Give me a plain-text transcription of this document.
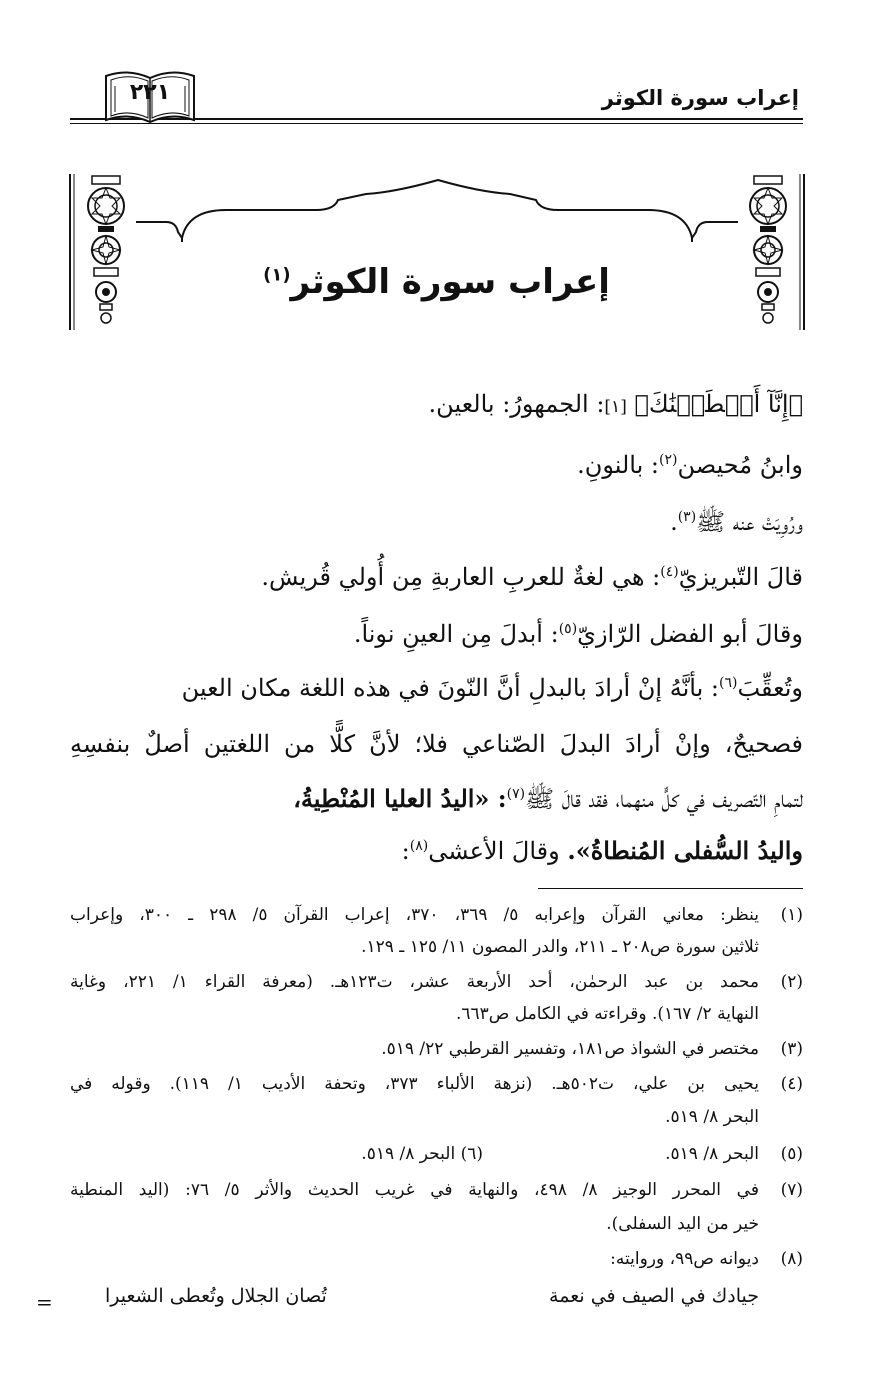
إعراب سورة الكوثر
٢٢١
إعراب سورة الكوثر$^{(١)}$
﴿إِنَّآ أَعۡطَيۡنَٰكَ﴾ [١]: الجمهورُ: بالعين.
وابنُ مُحيصن$^{(٢)}$: بالنونِ.
ورُوِيَتْ عنه ﷺ$^{(٣)}$.
قالَ التّبريزيّ$^{(٤)}$: هي لغةٌ للعربِ العاربةِ مِن أُولي قُريش.
وقالَ أبو الفضل الرّازيّ$^{(٥)}$: أبدلَ مِن العينِ نوناً.
وتُعقِّبَ$^{(٦)}$: بأنَّهُ إنْ أرادَ بالبدلِ أنَّ النّونَ في هذه اللغة مكان العين
فصحيحٌ، وإنْ أرادَ البدلَ الصّناعي فلا؛ لأنَّ كلًّا من اللغتين أصلٌ بنفسِهِ
لتمامِ التّصريف في كلٍّ منهما، فقد قالَ ﷺ$^{(٧)}$: «اليدُ العليا المُنْطِيةُ،
واليدُ السُّفلى المُنطاةُ». وقالَ الأعشى$^{(٨)}$:
(١)
ينظر: معاني القرآن وإعرابه ٥/ ٣٦٩، ٣٧٠، إعراب القرآن ٥/ ٢٩٨ ـ ٣٠٠، وإعراب
ثلاثين سورة ص٢٠٨ ـ ٢١١، والدر المصون ١١/ ١٢٥ ـ ١٢٩.
(٢)
محمد بن عبد الرحمٰن، أحد الأربعة عشر، ت١٢٣هـ. (معرفة القراء ١/ ٢٢١، وغاية
النهاية ٢/ ١٦٧). وقراءته في الكامل ص٦٦٣.
(٣)
مختصر في الشواذ ص١٨١، وتفسير القرطبي ٢٢/ ٥١٩.
(٤)
يحيى بن علي، ت٥٠٢هـ. (نزهة الألباء ٣٧٣، وتحفة الأديب ١/ ١١٩). وقوله في
البحر ٨/ ٥١٩.
(٥)
البحر ٨/ ٥١٩.
(٦) البحر ٨/ ٥١٩.
(٧)
في المحرر الوجيز ٨/ ٤٩٨، والنهاية في غريب الحديث والأثر ٥/ ٧٦: (اليد المنطية
خير من اليد السفلى).
(٨)
ديوانه ص٩٩، وروايته:
جيادك في الصيف في نعمة
تُصان الجلال وتُعطى الشعيرا
=
